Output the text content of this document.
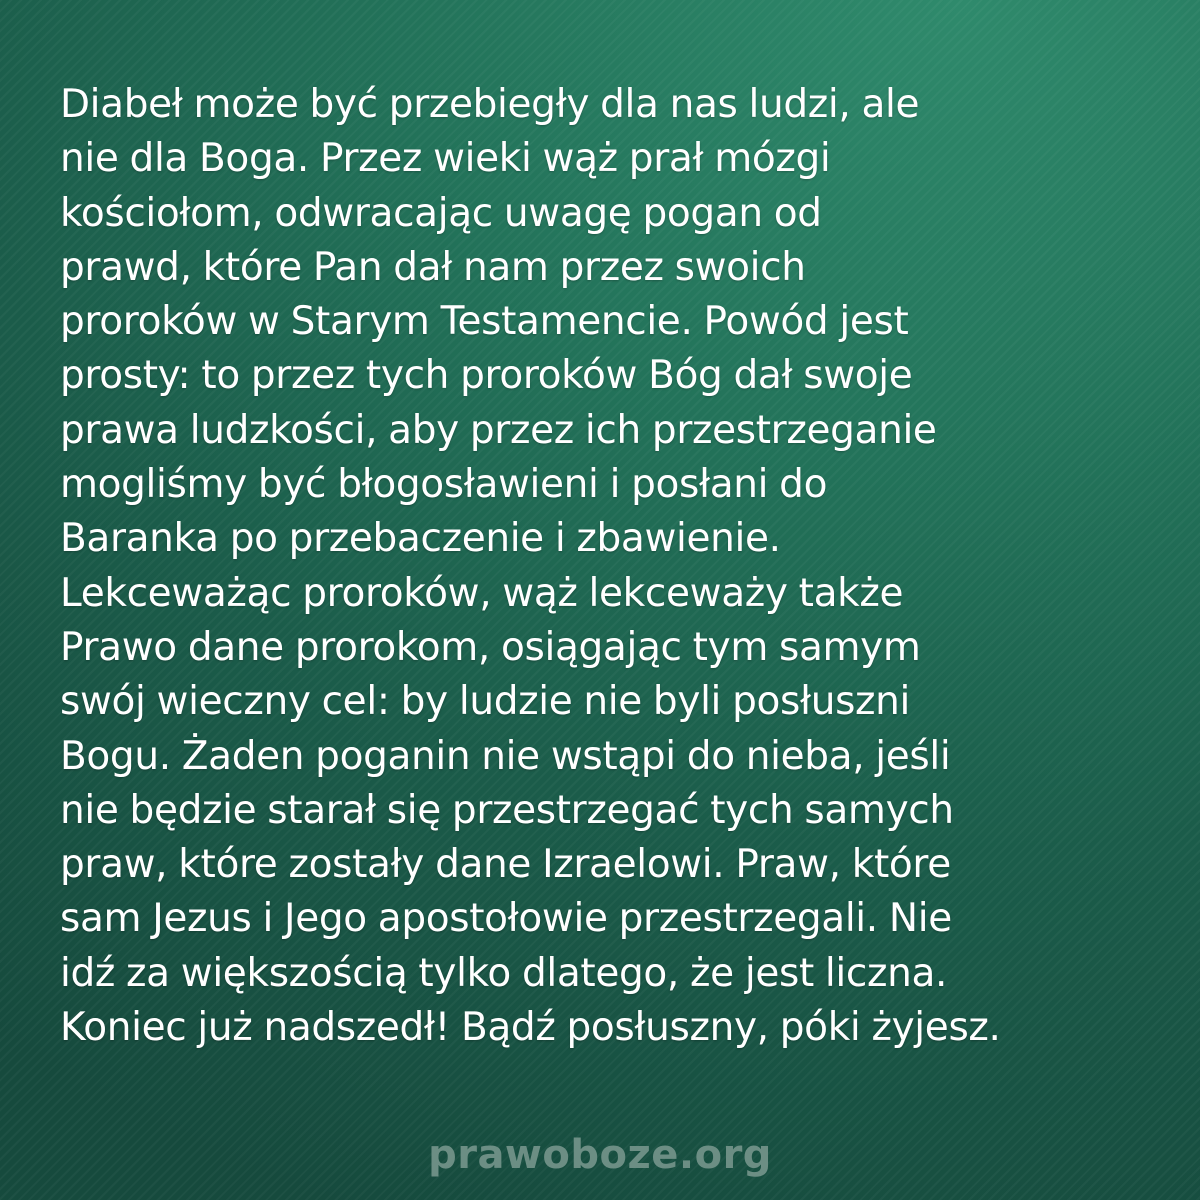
Diabeł może być przebiegły dla nas ludzi, ale
nie dla Boga. Przez wieki wąż prał mózgi
kościołom, odwracając uwagę pogan od
prawd, które Pan dał nam przez swoich
proroków w Starym Testamencie. Powód jest
prosty: to przez tych proroków Bóg dał swoje
prawa ludzkości, aby przez ich przestrzeganie
mogliśmy być błogosławieni i posłani do
Baranka po przebaczenie i zbawienie.
Lekceważąc proroków, wąż lekceważy także
Prawo dane prorokom, osiągając tym samym
swój wieczny cel: by ludzie nie byli posłuszni
Bogu. Żaden poganin nie wstąpi do nieba, jeśli
nie będzie starał się przestrzegać tych samych
praw, które zostały dane Izraelowi. Praw, które
sam Jezus i Jego apostołowie przestrzegali. Nie
idź za większością tylko dlatego, że jest liczna.
Koniec już nadszedł! Bądź posłuszny, póki żyjesz.
prawoboze.org
